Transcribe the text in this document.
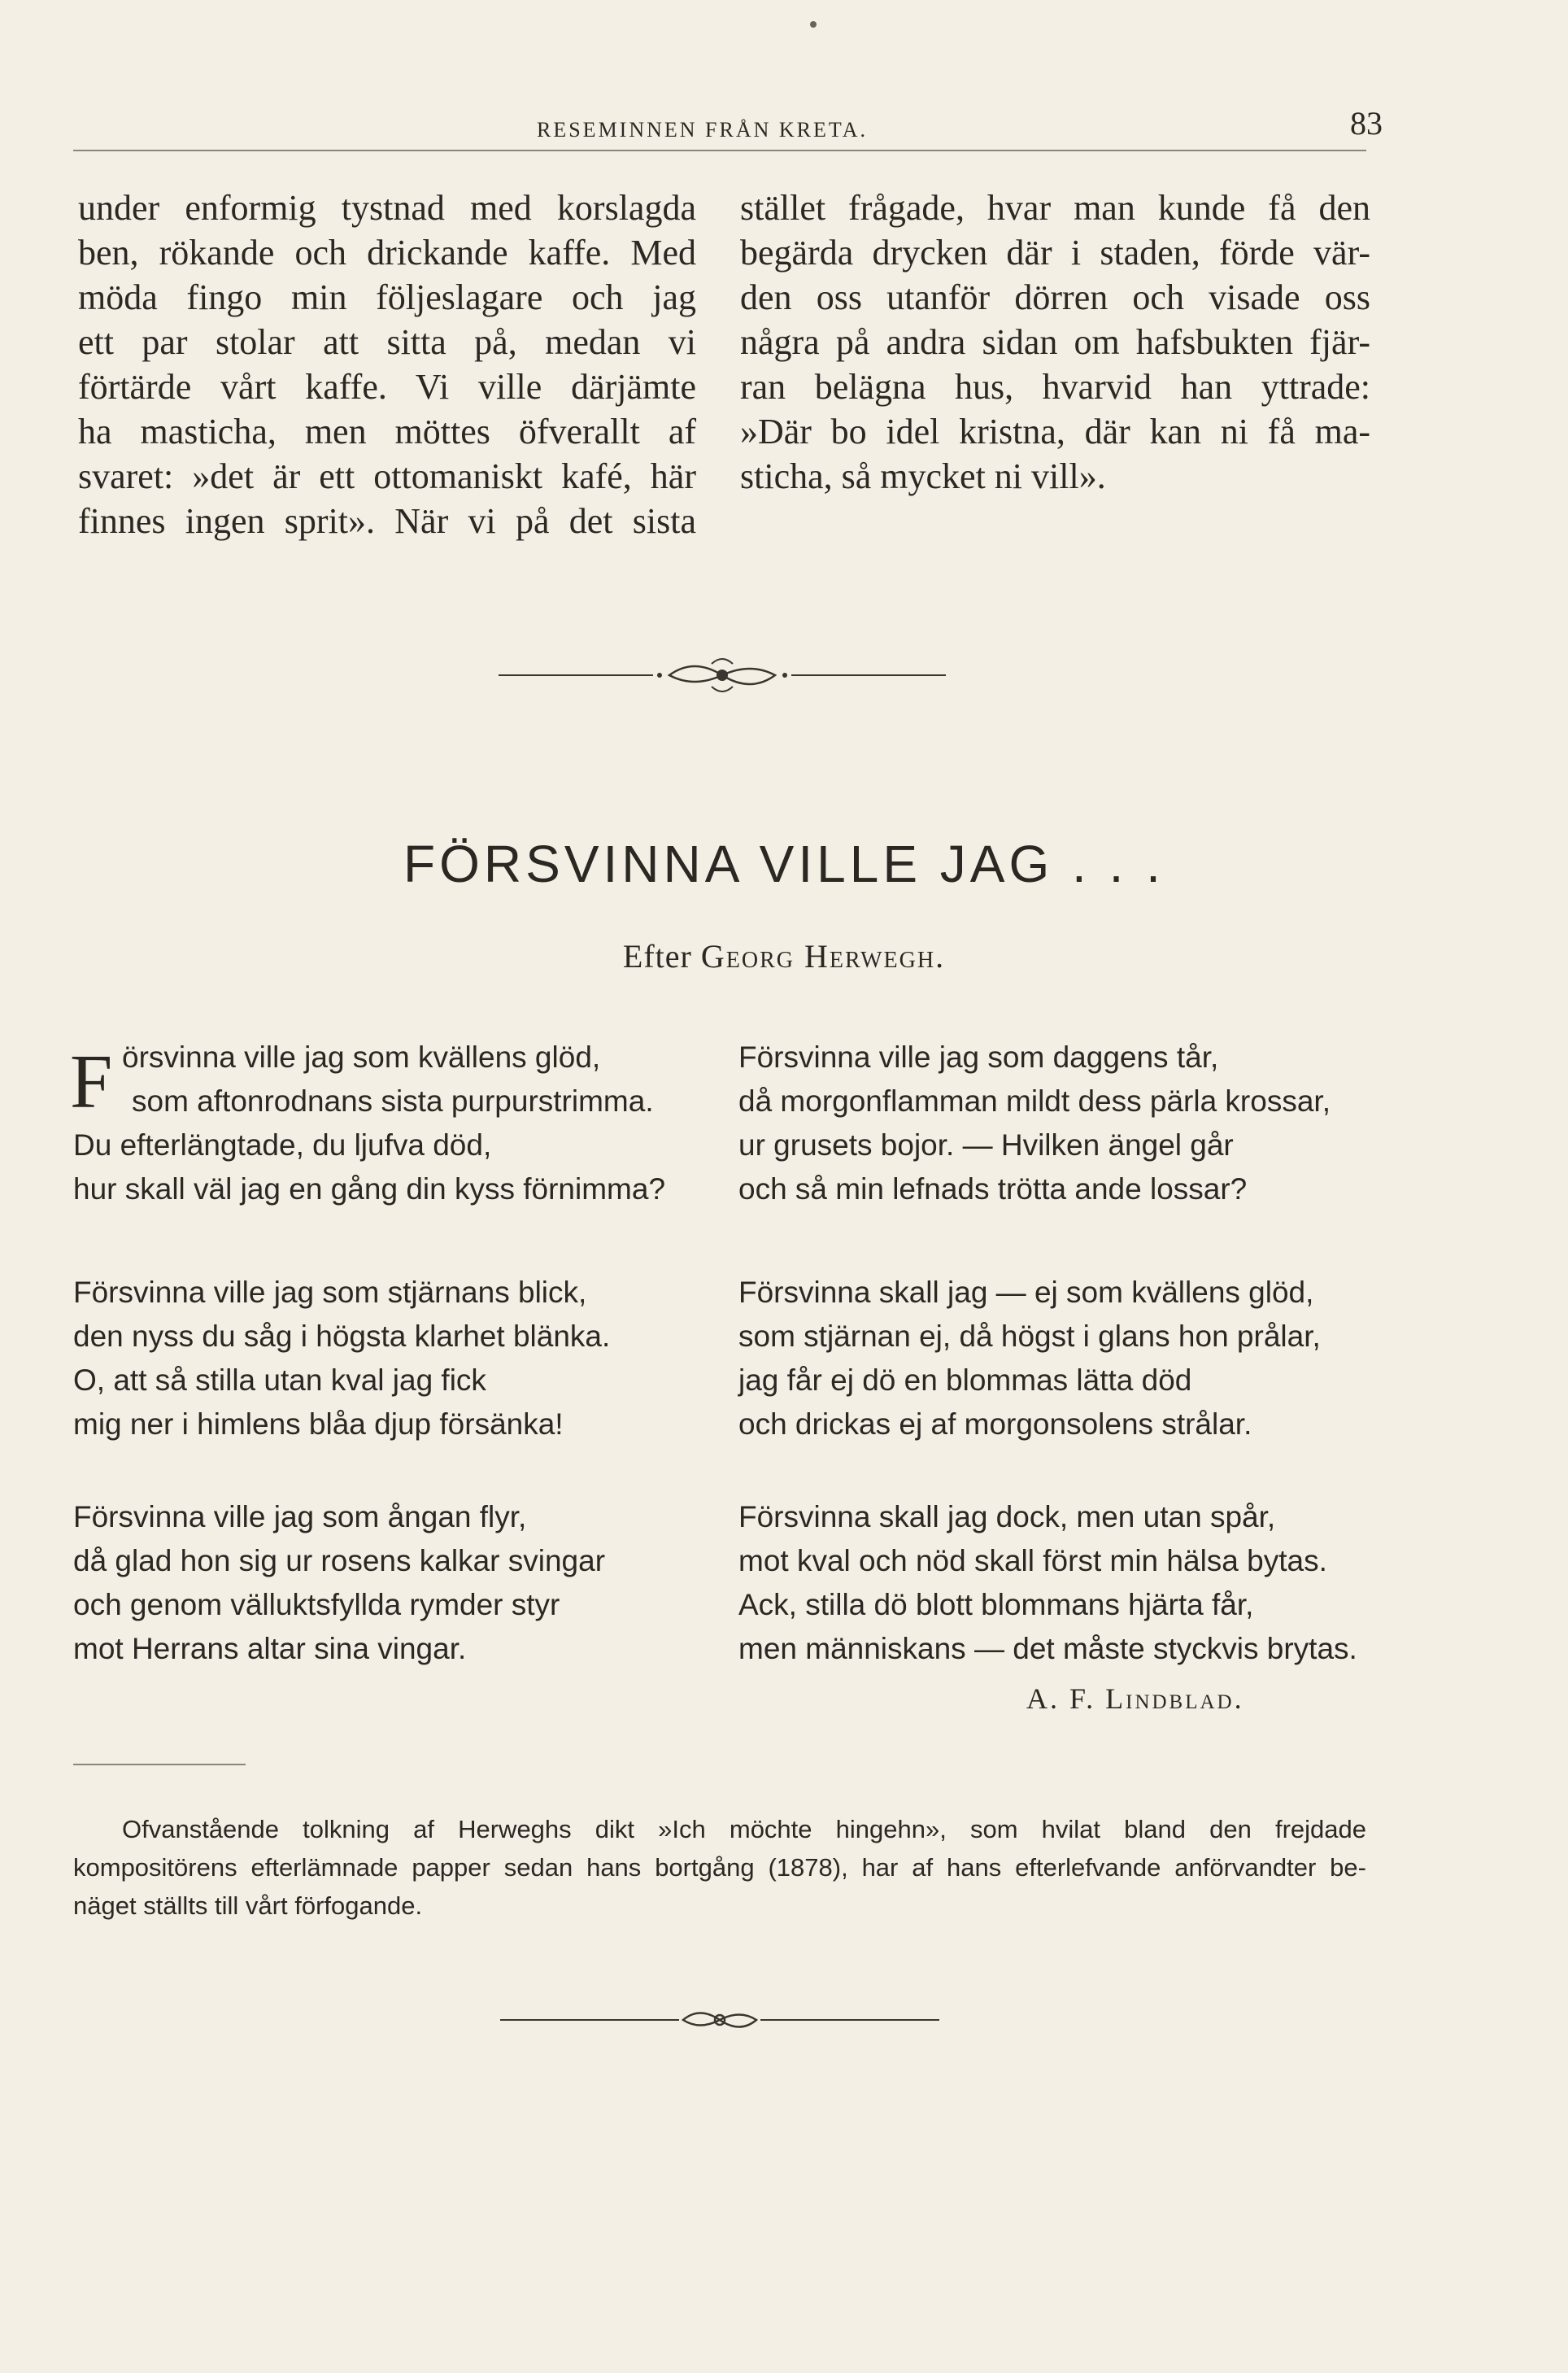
RESEMINNEN FRÅN KRETA.	83
under enformig tystnad med korslagda
ben, rökande och drickande kaffe. Med
möda fingo min följeslagare och jag
ett par stolar att sitta på, medan vi
förtärde vårt kaffe. Vi ville därjämte
ha masticha, men möttes öfverallt af
svaret: »det är ett ottomaniskt kafé, här
finnes ingen sprit». När vi på det sista
stället frågade, hvar man kunde få den
begärda drycken där i staden, förde vär-
den oss utanför dörren och visade oss
några på andra sidan om hafsbukten fjär-
ran belägna hus, hvarvid han yttrade:
»Där bo idel kristna, där kan ni få ma-
sticha, så mycket ni vill».
FÖRSVINNA VILLE JAG . . .
Efter Georg Herwegh.
F örsvinna ville jag som kvällens glöd,
som aftonrodnans sista purpurstrimma.
Du efterlängtade, du ljufva död,
hur skall väl jag en gång din kyss förnimma?
Försvinna ville jag som stjärnans blick,
den nyss du såg i högsta klarhet blänka.
O, att så stilla utan kval jag fick
mig ner i himlens blåa djup försänka!
Försvinna ville jag som ångan flyr,
då glad hon sig ur rosens kalkar svingar
och genom välluktsfyllda rymder styr
mot Herrans altar sina vingar.
Försvinna ville jag som daggens tår,
då morgonflamman mildt dess pärla krossar,
ur grusets bojor. — Hvilken ängel går
och så min lefnads trötta ande lossar?
Försvinna skall jag — ej som kvällens glöd,
som stjärnan ej, då högst i glans hon prålar,
jag får ej dö en blommas lätta död
och drickas ej af morgonsolens strålar.
Försvinna skall jag dock, men utan spår,
mot kval och nöd skall först min hälsa bytas.
Ack, stilla dö blott blommans hjärta får,
men människans — det måste styckvis brytas.
A. F. Lindblad.
Ofvanstående tolkning af Herweghs dikt »Ich möchte hingehn», som hvilat bland den frejdade
kompositörens efterlämnade papper sedan hans bortgång (1878), har af hans efterlefvande anförvandter be-
näget ställts till vårt förfogande.
